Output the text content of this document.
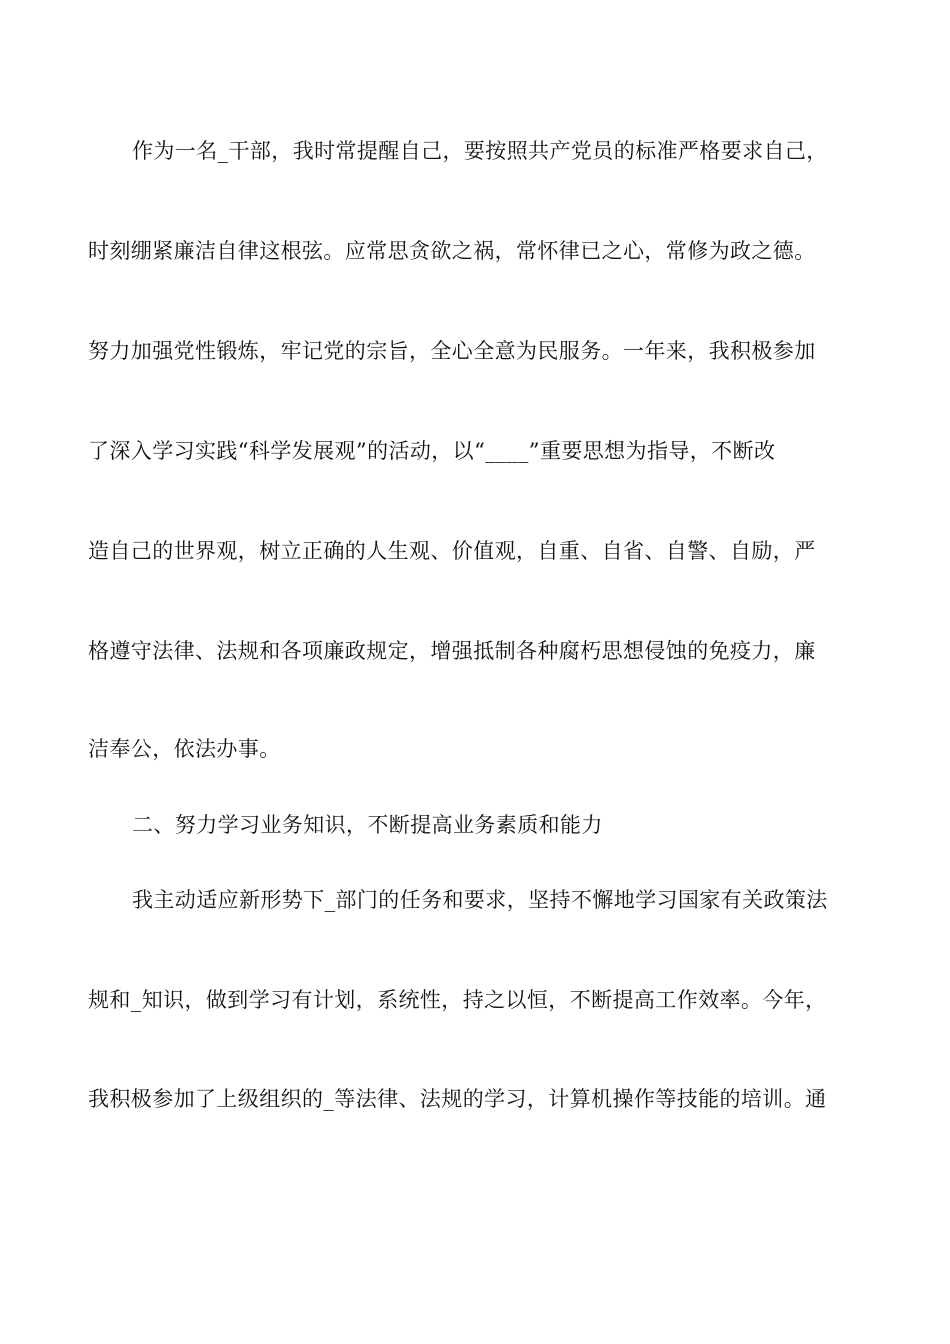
作为一名_干部，我时常提醒自己，要按照共产党员的标准严格要求自己，
时刻绷紧廉洁自律这根弦。应常思贪欲之祸，常怀律已之心，常修为政之德。
努力加强党性锻炼，牢记党的宗旨，全心全意为民服务。一年来，我积极参加
了深入学习实践“科学发展观”的活动，以“____”重要思想为指导，不断改
造自己的世界观，树立正确的人生观、价值观，自重、自省、自警、自励，严
格遵守法律、法规和各项廉政规定，增强抵制各种腐朽思想侵蚀的免疫力，廉
洁奉公，依法办事。
二、努力学习业务知识，不断提高业务素质和能力
我主动适应新形势下_部门的任务和要求，坚持不懈地学习国家有关政策法
规和_知识，做到学习有计划，系统性，持之以恒，不断提高工作效率。今年，
我积极参加了上级组织的_等法律、法规的学习，计算机操作等技能的培训。通
